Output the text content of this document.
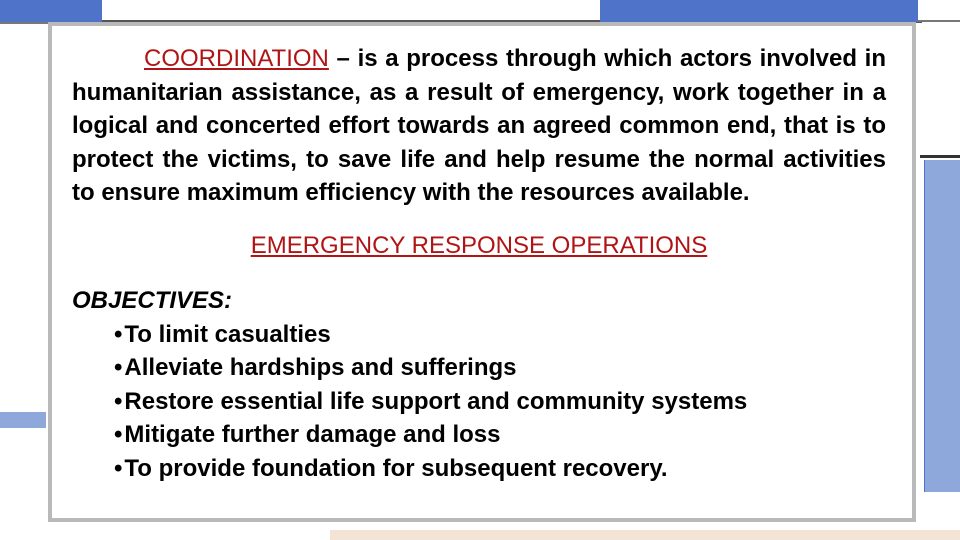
COORDINATION – is a process through which actors involved in humanitarian assistance, as a result of emergency, work together in a logical and concerted effort towards an agreed common end, that is to protect the victims, to save life and help resume the normal activities to ensure maximum efficiency with the resources available.

EMERGENCY RESPONSE OPERATIONS
OBJECTIVES:
•To limit casualties
•Alleviate hardships and sufferings
•Restore essential life support and community systems
•Mitigate further damage and loss
•To provide foundation for subsequent recovery.
